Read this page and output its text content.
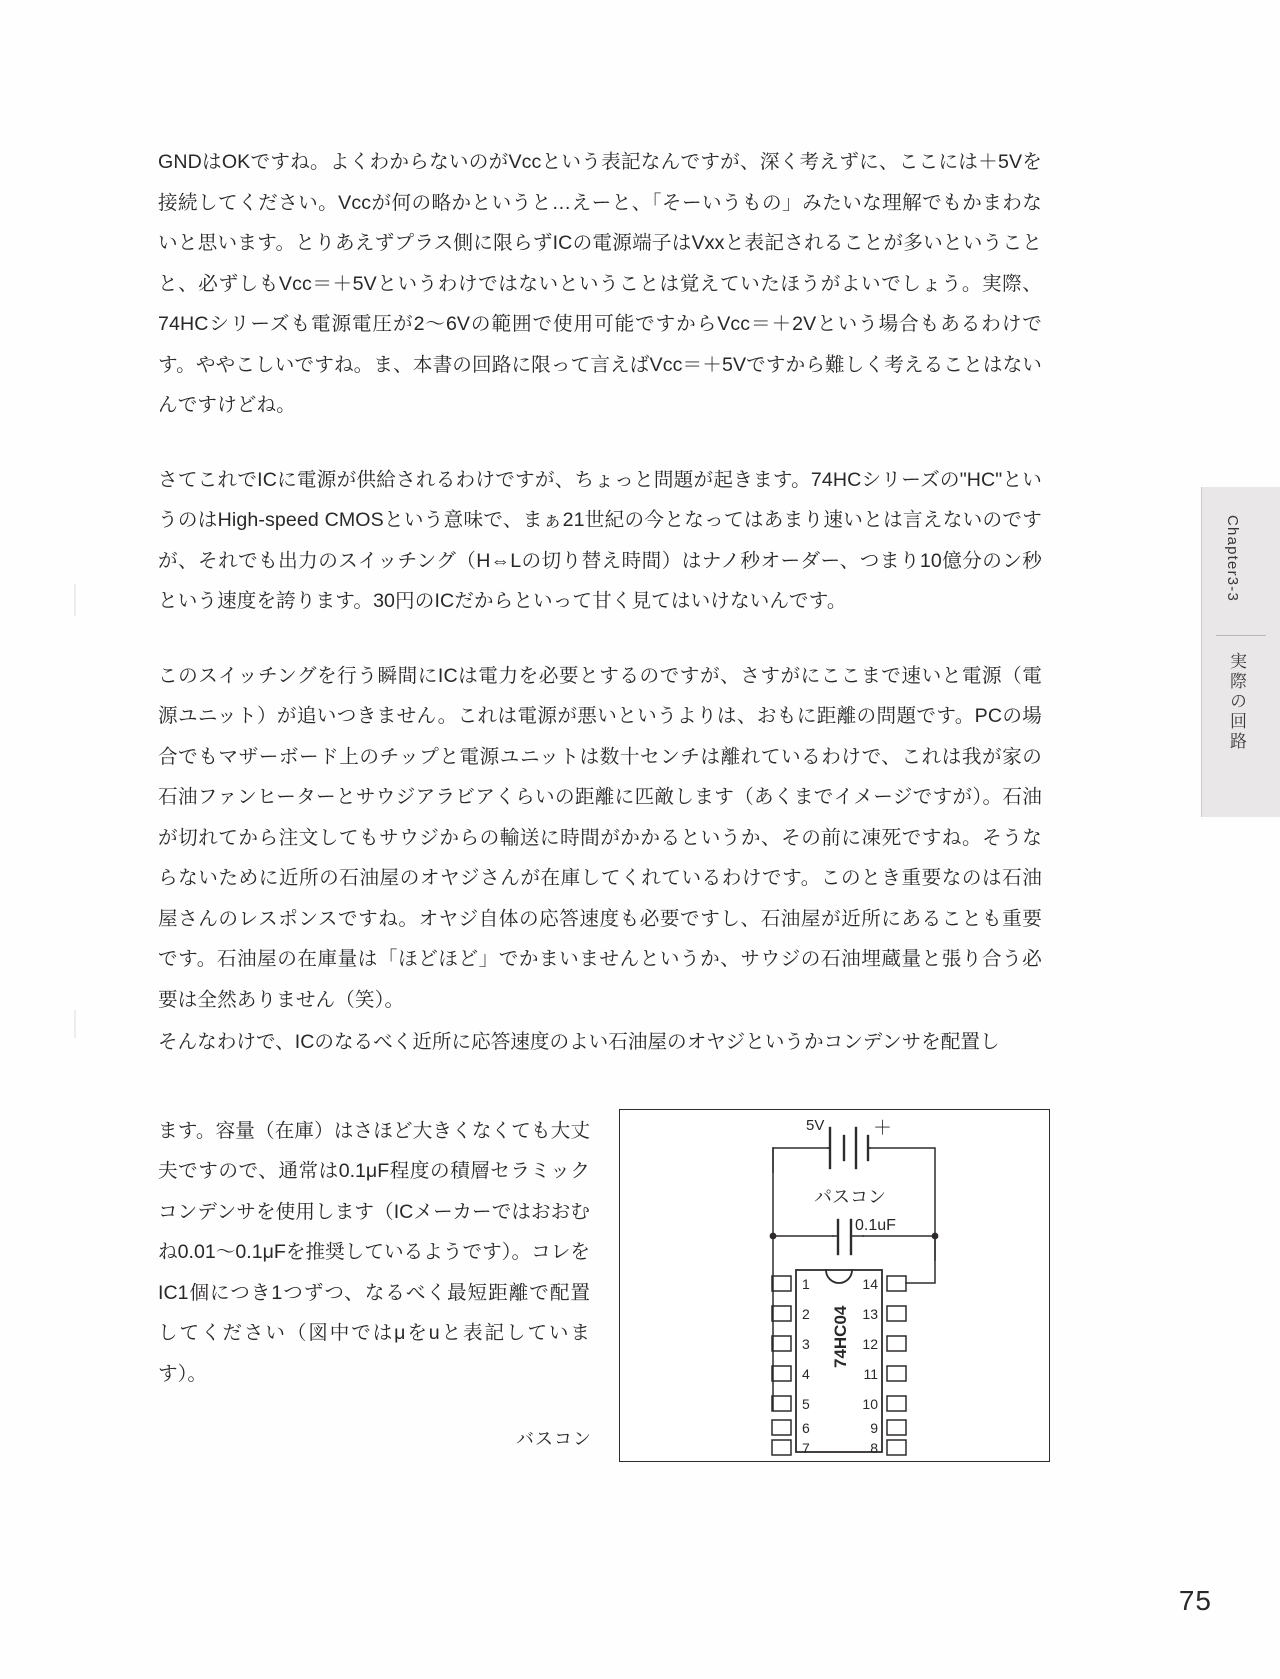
GNDはOKですね。よくわからないのがVccという表記なんですが、深く考えずに、ここには＋5Vを接続してください。Vccが何の略かというと…えーと、「そーいうもの」みたいな理解でもかまわないと思います。とりあえずプラス側に限らずICの電源端子はVxxと表記されることが多いということと、必ずしもVcc＝＋5Vというわけではないということは覚えていたほうがよいでしょう。実際、74HCシリーズも電源電圧が2～6Vの範囲で使用可能ですからVcc＝＋2Vという場合もあるわけです。ややこしいですね。ま、本書の回路に限って言えばVcc＝＋5Vですから難しく考えることはないんですけどね。

さてこれでICに電源が供給されるわけですが、ちょっと問題が起きます。74HCシリーズの"HC"というのはHigh-speed CMOSという意味で、まぁ21世紀の今となってはあまり速いとは言えないのですが、それでも出力のスイッチング（H⇔Lの切り替え時間）はナノ秒オーダー、つまり10億分のン秒という速度を誇ります。30円のICだからといって甘く見てはいけないんです。

このスイッチングを行う瞬間にICは電力を必要とするのですが、さすがにここまで速いと電源（電源ユニット）が追いつきません。これは電源が悪いというよりは、おもに距離の問題です。PCの場合でもマザーボード上のチップと電源ユニットは数十センチは離れているわけで、これは我が家の石油ファンヒーターとサウジアラビアくらいの距離に匹敵します（あくまでイメージですが）。石油が切れてから注文してもサウジからの輸送に時間がかかるというか、その前に凍死ですね。そうならないために近所の石油屋のオヤジさんが在庫してくれているわけです。このとき重要なのは石油屋さんのレスポンスですね。オヤジ自体の応答速度も必要ですし、石油屋が近所にあることも重要です。石油屋の在庫量は「ほどほど」でかまいませんというか、サウジの石油埋蔵量と張り合う必要は全然ありません（笑）。

そんなわけで、ICのなるべく近所に応答速度のよい石油屋のオヤジというかコンデンサを配置し

ます。容量（在庫）はさほど大きくなくても大丈夫ですので、通常は0.1μF程度の積層セラミックコンデンサを使用します（ICメーカーではおおむね0.01～0.1μFを推奨しているようです）。コレをIC1個につき1つずつ、なるべく最短距離で配置してください（図中ではμをuと表記しています）。

5V	＋
パスコン
0.1uF
74HC04
1
2
3
4
5
6
7
14
13
12
11
10
9
8
バスコン
Chapter3-3
実際の回路
75
